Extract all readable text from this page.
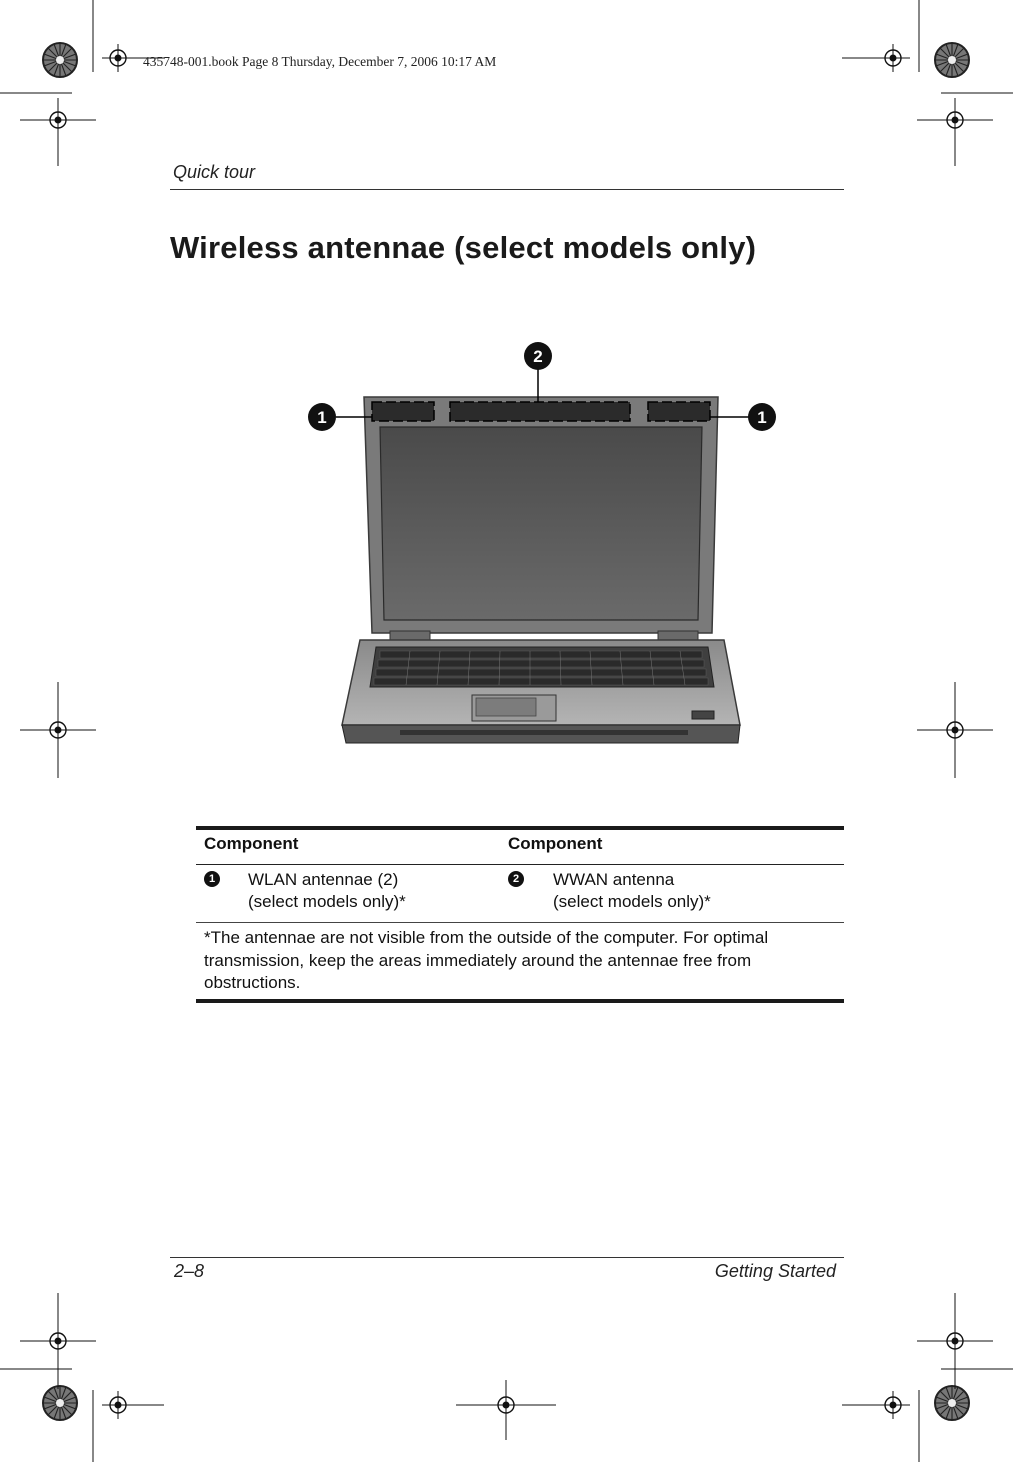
435748-001.book Page 8 Thursday, December 7, 2006 10:17 AM
Quick tour
Wireless antennae (select models only)
1
2
1
Component	Component
1 WLAN antennae (2)
(select models only)*
2 WWAN antenna
(select models only)*
*The antennae are not visible from the outside of the computer. For optimal transmission, keep the areas immediately around the antennae free from obstructions.
2–8	Getting Started
